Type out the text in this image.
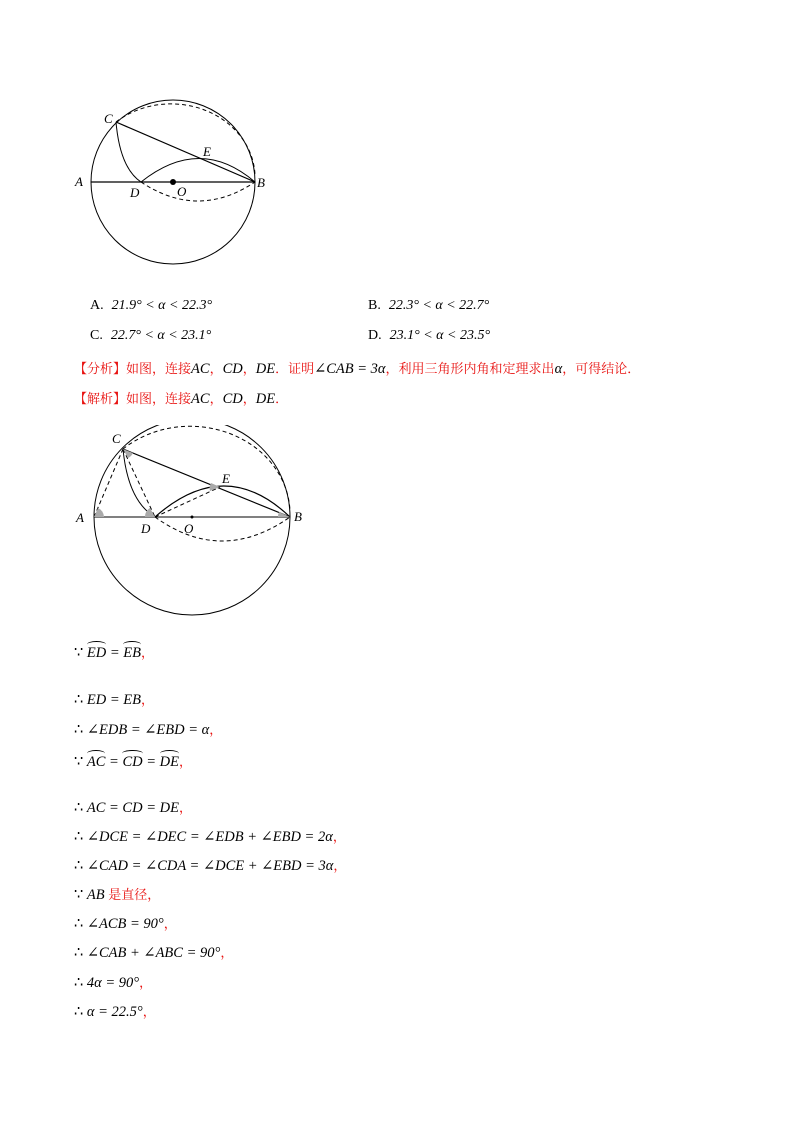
A	B
C
D
E
O
A. 21.9° < α < 22.3°	B. 22.3° < α < 22.7°
C. 22.7° < α < 23.1°	D. 23.1° < α < 23.5°
【分析】如图，连接AC，CD，DE．证明∠CAB = 3α，利用三角形内角和定理求出α，可得结论．
【解析】如图，连接AC，CD，DE．
A	B
C
D
E
O
∵ ED = EB，
∴ ED = EB，
∴ ∠EDB = ∠EBD = α，
∵ AC = CD = DE，
∴ AC = CD = DE，
∴ ∠DCE = ∠DEC = ∠EDB + ∠EBD = 2α，
∴ ∠CAD = ∠CDA = ∠DCE + ∠EBD = 3α，
∵ AB 是直径，
∴ ∠ACB = 90°，
∴ ∠CAB + ∠ABC = 90°，
∴ 4α = 90°，
∴ α = 22.5°，
